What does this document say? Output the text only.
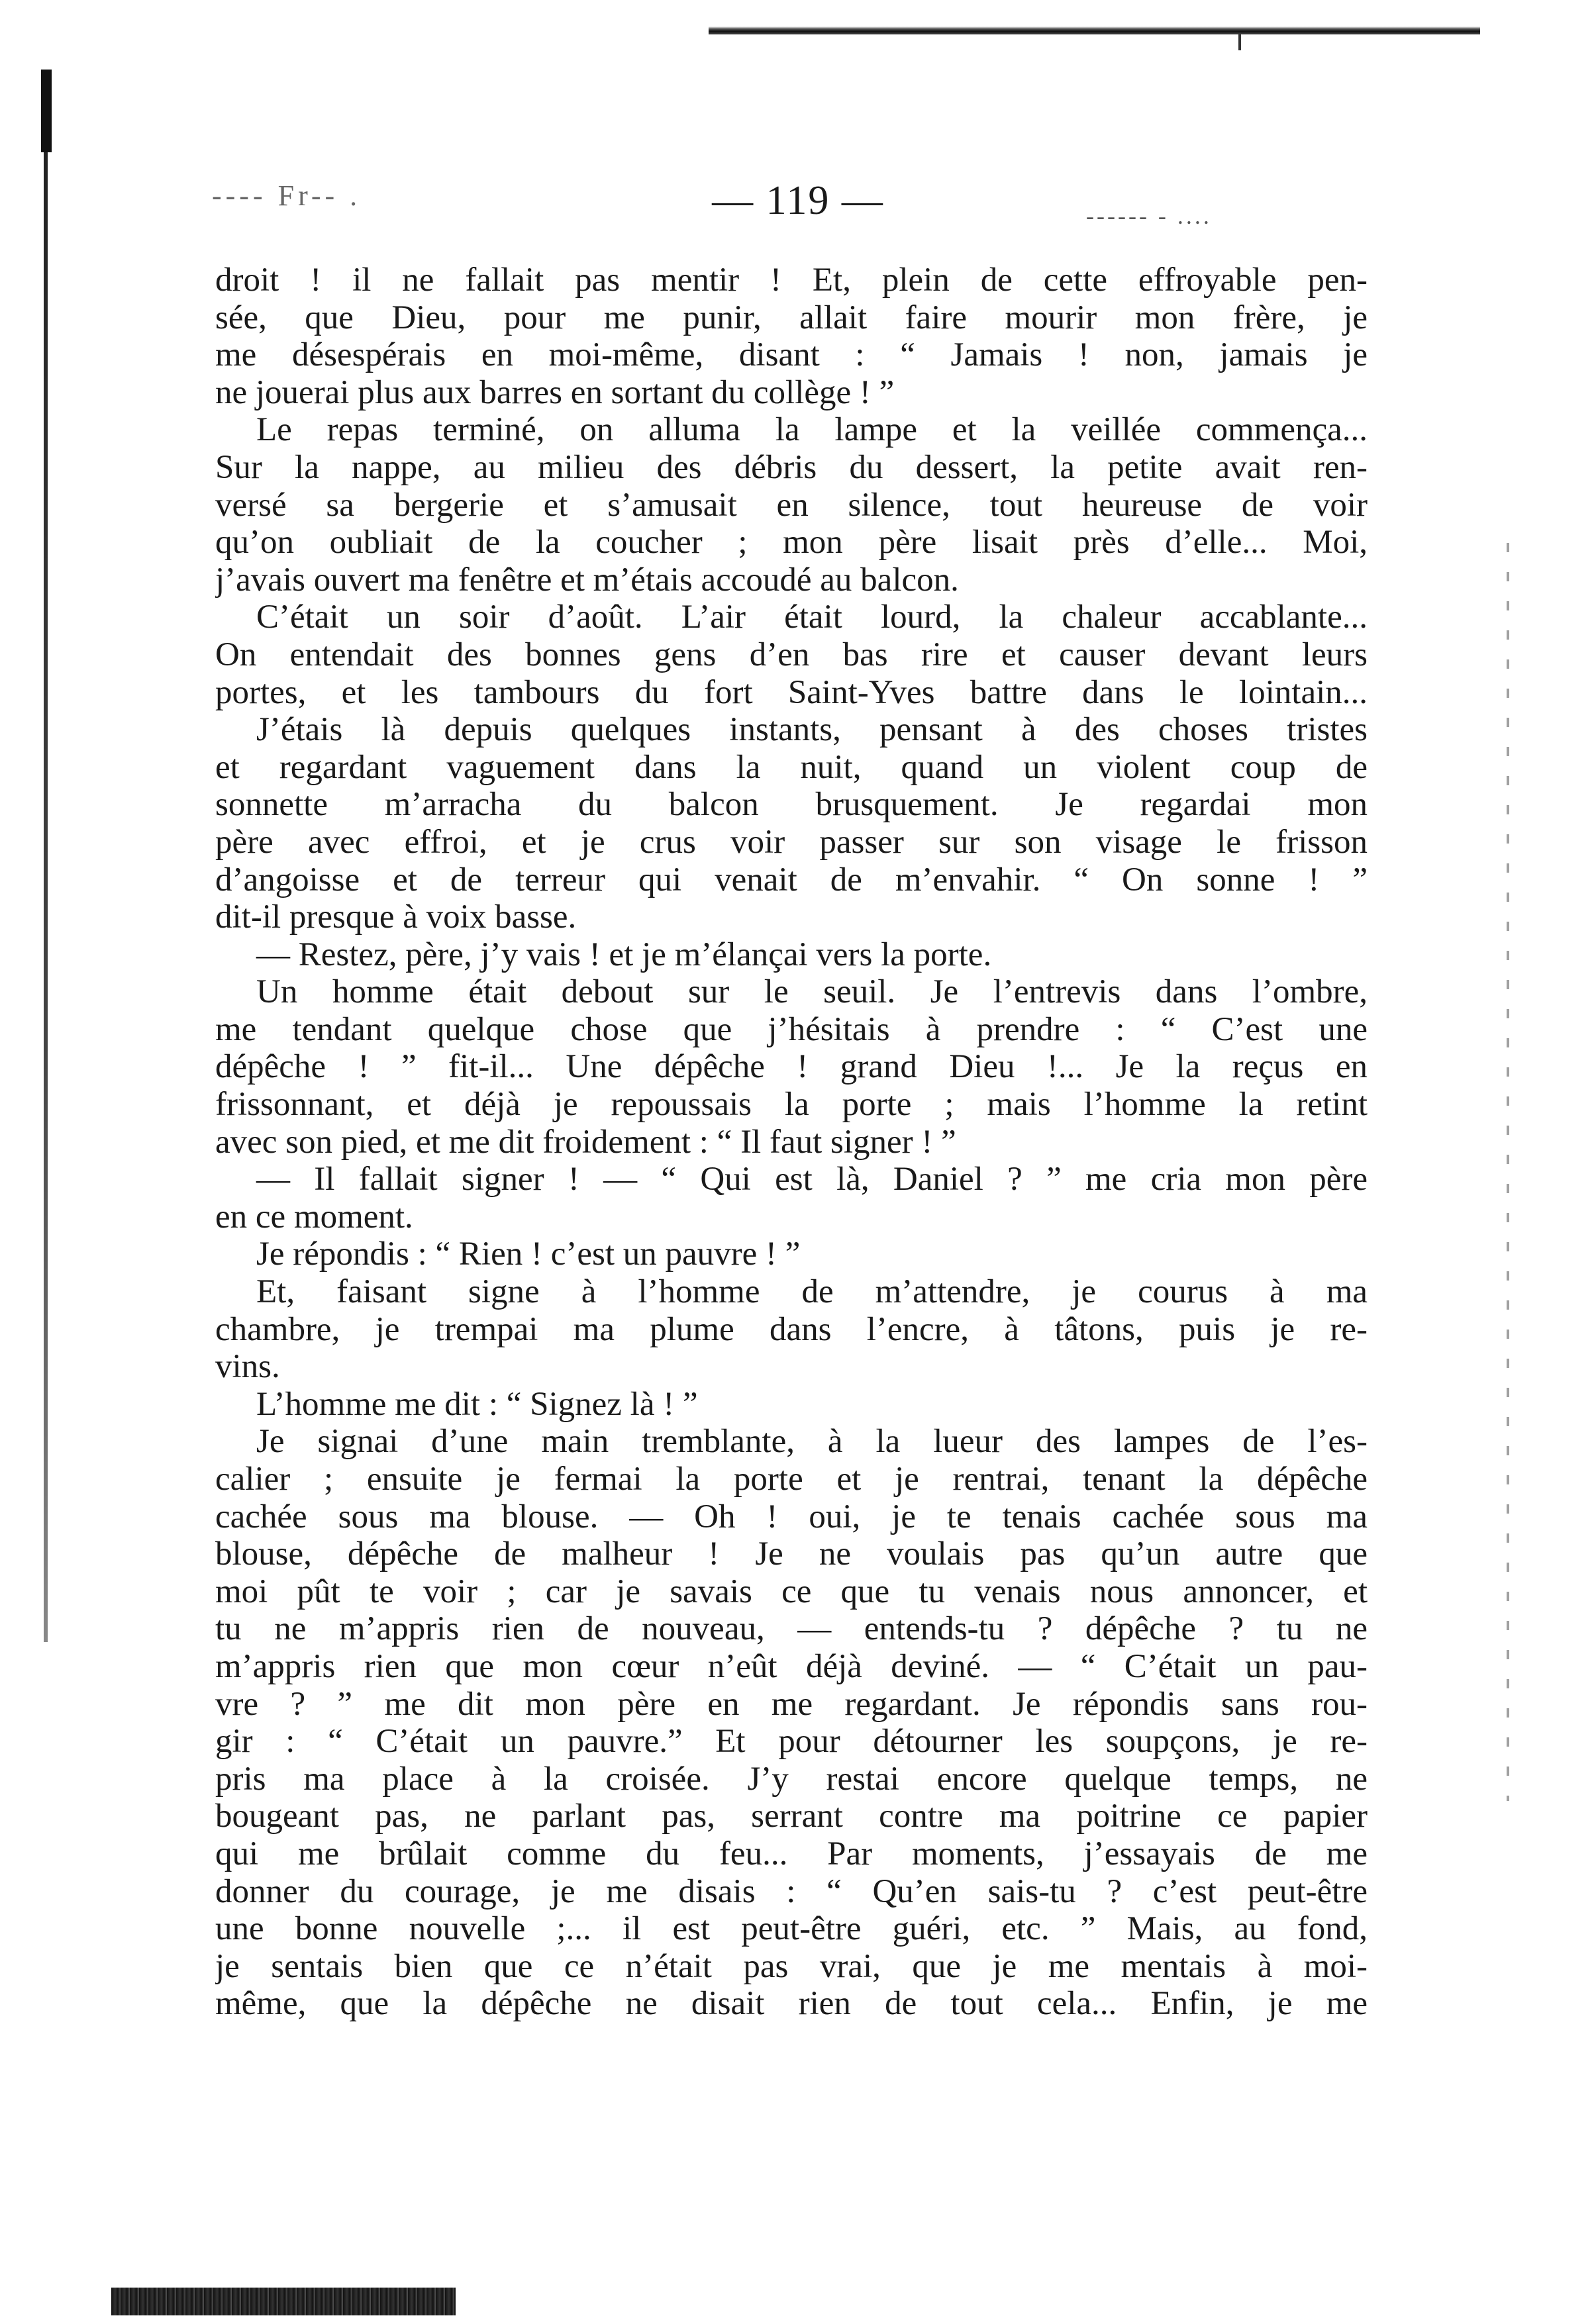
---- Fr-- .	— 119 —	------ - ....
droit ! il ne fallait pas mentir ! Et, plein de cette effroyable pen-
sée, que Dieu, pour me punir, allait faire mourir mon frère, je
me désespérais en moi-même, disant : “ Jamais ! non, jamais je
ne jouerai plus aux barres en sortant du collège ! ”
Le repas terminé, on alluma la lampe et la veillée commença...
Sur la nappe, au milieu des débris du dessert, la petite avait ren-
versé sa bergerie et s’amusait en silence, tout heureuse de voir
qu’on oubliait de la coucher ; mon père lisait près d’elle... Moi,
j’avais ouvert ma fenêtre et m’étais accoudé au balcon.
C’était un soir d’août. L’air était lourd, la chaleur accablante...
On entendait des bonnes gens d’en bas rire et causer devant leurs
portes, et les tambours du fort Saint-Yves battre dans le lointain...
J’étais là depuis quelques instants, pensant à des choses tristes
et regardant vaguement dans la nuit, quand un violent coup de
sonnette m’arracha du balcon brusquement. Je regardai mon
père avec effroi, et je crus voir passer sur son visage le frisson
d’angoisse et de terreur qui venait de m’envahir. “ On sonne ! ”
dit-il presque à voix basse.
— Restez, père, j’y vais ! et je m’élançai vers la porte.
Un homme était debout sur le seuil. Je l’entrevis dans l’ombre,
me tendant quelque chose que j’hésitais à prendre : “ C’est une
dépêche ! ” fit-il... Une dépêche ! grand Dieu !... Je la reçus en
frissonnant, et déjà je repoussais la porte ; mais l’homme la retint
avec son pied, et me dit froidement : “ Il faut signer ! ”
— Il fallait signer ! — “ Qui est là, Daniel ? ” me cria mon père
en ce moment.
Je répondis : “ Rien ! c’est un pauvre ! ”
Et, faisant signe à l’homme de m’attendre, je courus à ma
chambre, je trempai ma plume dans l’encre, à tâtons, puis je re-
vins.
L’homme me dit : “ Signez là ! ”
Je signai d’une main tremblante, à la lueur des lampes de l’es-
calier ; ensuite je fermai la porte et je rentrai, tenant la dépêche
cachée sous ma blouse. — Oh ! oui, je te tenais cachée sous ma
blouse, dépêche de malheur ! Je ne voulais pas qu’un autre que
moi pût te voir ; car je savais ce que tu venais nous annoncer, et
tu ne m’appris rien de nouveau, — entends-tu ? dépêche ? tu ne
m’appris rien que mon cœur n’eût déjà deviné. — “ C’était un pau-
vre ? ” me dit mon père en me regardant. Je répondis sans rou-
gir : “ C’était un pauvre.” Et pour détourner les soupçons, je re-
pris ma place à la croisée. J’y restai encore quelque temps, ne
bougeant pas, ne parlant pas, serrant contre ma poitrine ce papier
qui me brûlait comme du feu... Par moments, j’essayais de me
donner du courage, je me disais : “ Qu’en sais-tu ? c’est peut-être
une bonne nouvelle ;... il est peut-être guéri, etc. ” Mais, au fond,
je sentais bien que ce n’était pas vrai, que je me mentais à moi-
même, que la dépêche ne disait rien de tout cela... Enfin, je me
